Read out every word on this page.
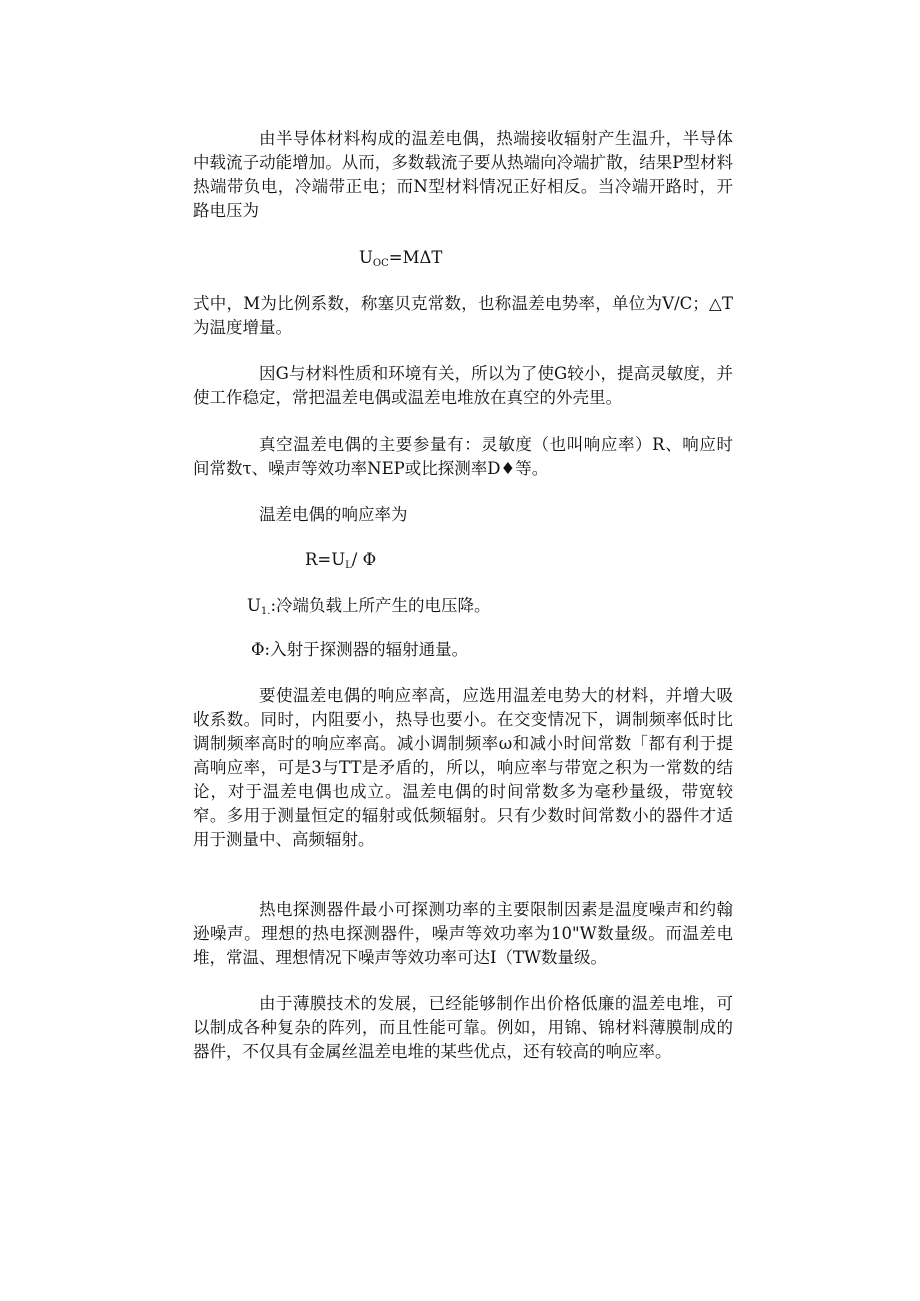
由半导体材料构成的温差电偶，热端接收辐射产生温升，半导体中载流子动能增加。从而，多数载流子要从热端向冷端扩散，结果P型材料热端带负电，冷端带正电；而N型材料情况正好相反。当冷端开路时，开路电压为

$U_{OC}=M\Delta T$

式中，M为比例系数，称塞贝克常数，也称温差电势率，单位为V/C；△T为温度增量。

因G与材料性质和环境有关，所以为了使G较小，提高灵敏度，并使工作稳定，常把温差电偶或温差电堆放在真空的外壳里。

真空温差电偶的主要参量有：灵敏度（也叫响应率）R、响应时间常数τ、噪声等效功率NEP或比探测率D♦等。

温差电偶的响应率为
$R=U_L/$ Φ
$U_{1.}$:冷端负载上所产生的电压降。
Φ:入射于探测器的辐射通量。

要使温差电偶的响应率高，应选用温差电势大的材料，并增大吸收系数。同时，内阻要小，热导也要小。在交变情况下，调制频率低时比调制频率高时的响应率高。减小调制频率ω和减小时间常数「都有利于提高响应率，可是3与TT是矛盾的，所以，响应率与带宽之积为一常数的结论，对于温差电偶也成立。温差电偶的时间常数多为毫秒量级，带宽较窄。多用于测量恒定的辐射或低频辐射。只有少数时间常数小的器件才适用于测量中、高频辐射。

热电探测器件最小可探测功率的主要限制因素是温度噪声和约翰逊噪声。理想的热电探测器件，噪声等效功率为10"W数量级。而温差电堆，常温、理想情况下噪声等效功率可达I（TW数量级。

由于薄膜技术的发展，已经能够制作出价格低廉的温差电堆，可以制成各种复杂的阵列，而且性能可靠。例如，用锦、锦材料薄膜制成的器件，不仅具有金属丝温差电堆的某些优点，还有较高的响应率。
